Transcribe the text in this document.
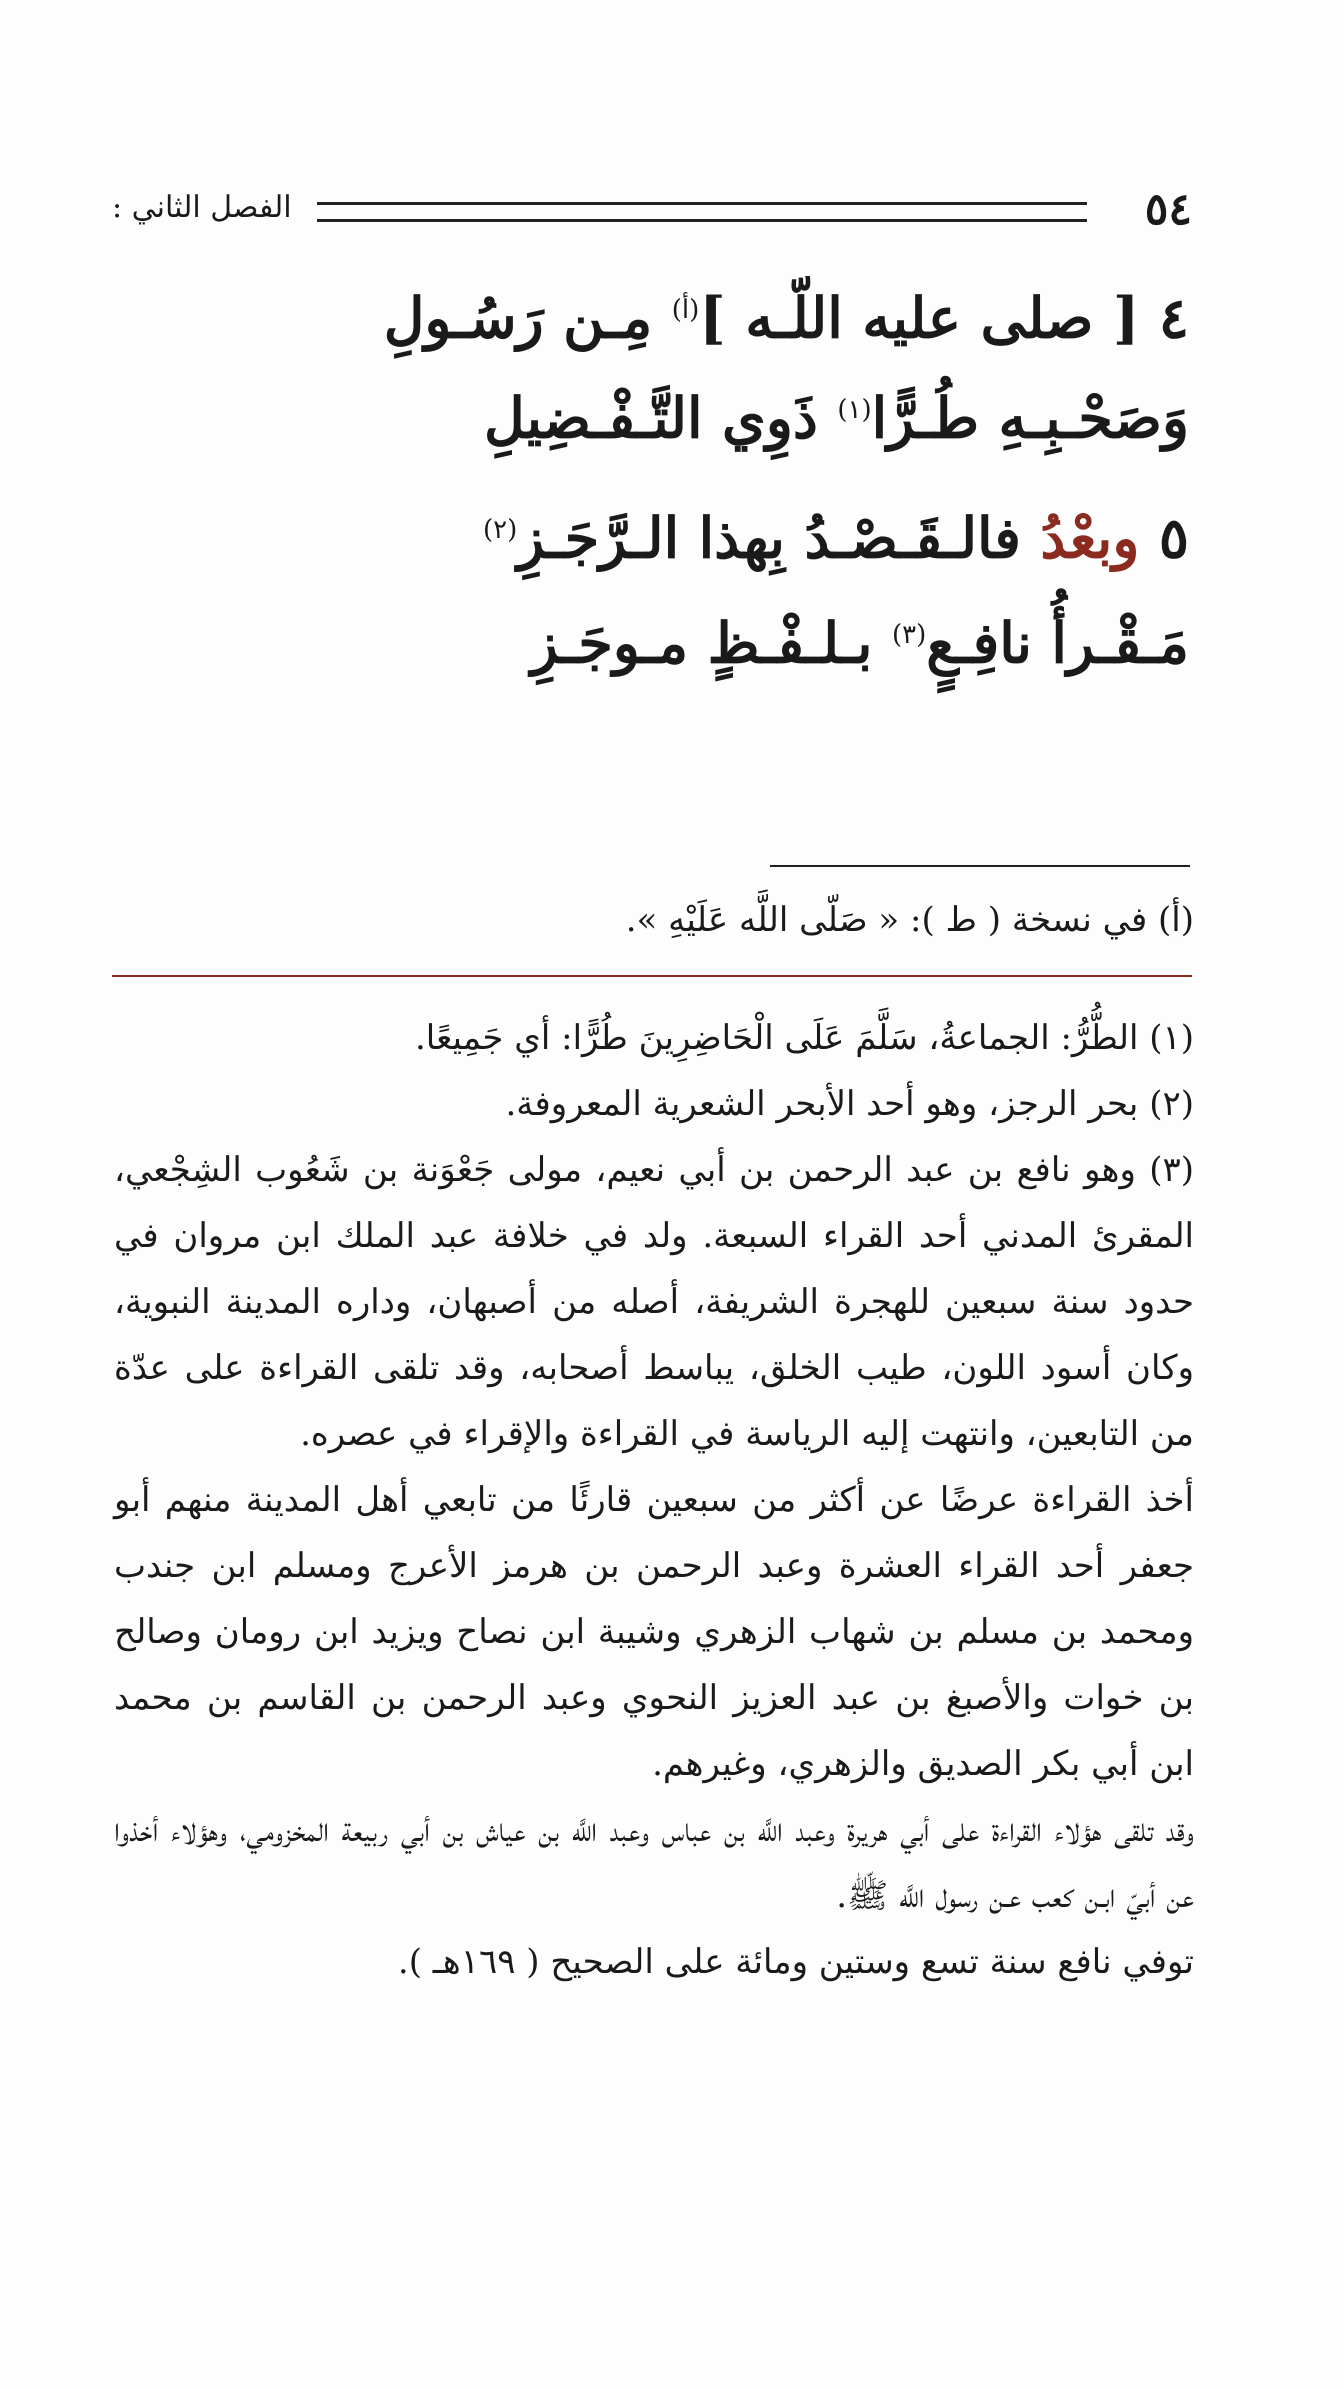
الفصل الثاني :	٥٤
٤ [ صلى عليه اللّـه ]$^{(أ)}$ مِـن رَسُـولِ
وَصَحْـبِـهِ طُـرًّا$^{(١)}$ ذَوِي التَّـفْـضِيلِ
٥ وبعْدُ فالـقَـصْـدُ بِهذا الـرَّجَـزِ$^{(٢)}$
مَـقْـرأُ نافِـعٍ$^{(٣)}$ بـلـفْـظٍ مـوجَـزِ
(أ) في نسخة ( ط ): « صَلّى اللَّه عَلَيْهِ ».

(١) الطُّرُّ: الجماعةُ، سَلَّمَ عَلَى الْحَاضِرِينَ طُرًّا: أي جَمِيعًا.

(٢) بحر الرجز، وهو أحد الأبحر الشعرية المعروفة.

(٣) وهو نافع بن عبد الرحمن بن أبي نعيم، مولى جَعْوَنة بن شَعُوب الشِجْعي، المقرئ المدني أحد القراء السبعة. ولد في خلافة عبد الملك ابن مروان في حدود سنة سبعين للهجرة الشريفة، أصله من أصبهان، وداره المدينة النبوية، وكان أسود اللون، طيب الخلق، يباسط أصحابه، وقد تلقى القراءة على عدّة من التابعين، وانتهت إليه الرياسة في القراءة والإقراء في عصره.

أخذ القراءة عرضًا عن أكثر من سبعين قارئًا من تابعي أهل المدينة منهم أبو جعفر أحد القراء العشرة وعبد الرحمن بن هرمز الأعرج ومسلم ابن جندب ومحمد بن مسلم بن شهاب الزهري وشيبة ابن نصاح ويزيد ابن رومان وصالح بن خوات والأصبغ بن عبد العزيز النحوي وعبد الرحمن بن القاسم بن محمد ابن أبي بكر الصديق والزهري، وغيرهم.

وقد تلقى هؤلاء القراءة على أبي هريرة وعبد اللَّه بن عباس وعبد اللَّه بن عياش بن أبي ربيعة المخزومي، وهؤلاء أخذوا عن أبيّ ابـن كعب عـن رسول اللَّه ﷺ.

توفي نافع سنة تسع وستين ومائة على الصحيح ( ١٦٩هـ ).
